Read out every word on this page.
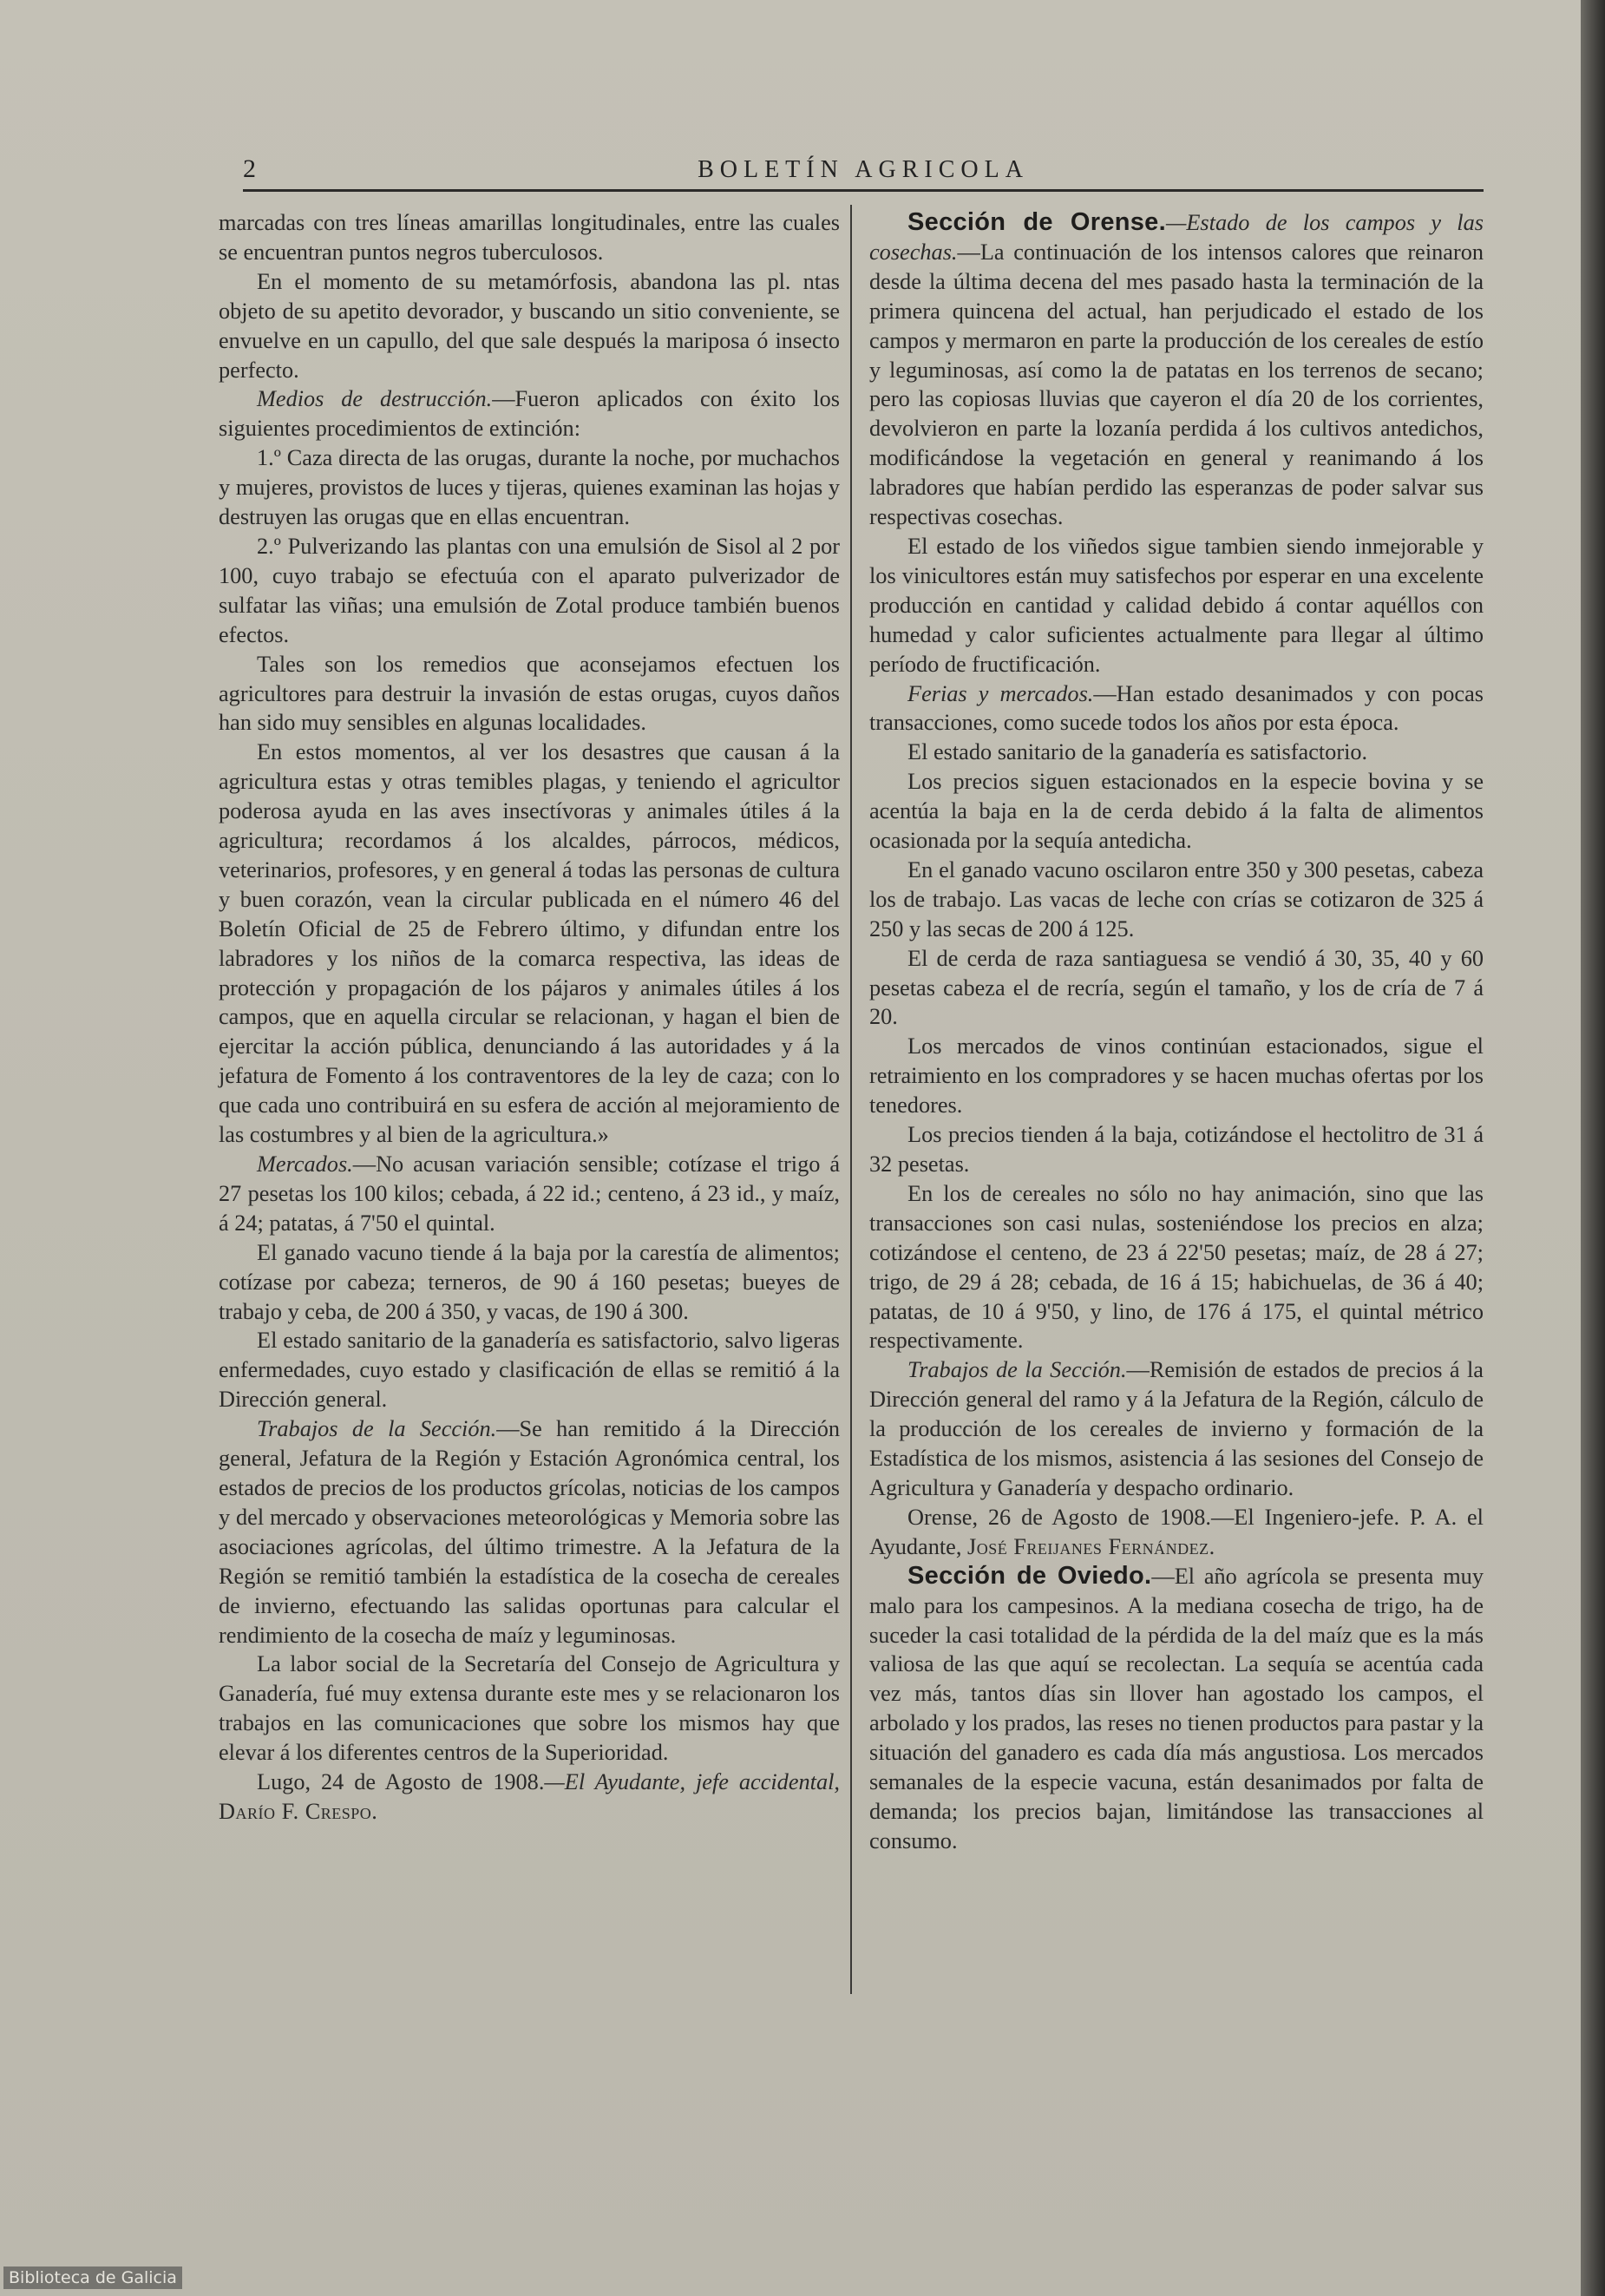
2	BOLETÍN AGRICOLA

marcadas con tres líneas amarillas longitudinales, entre las cuales se encuentran puntos negros tuberculosos.

En el momento de su metamórfosis, abandona las pl. ntas objeto de su apetito devorador, y buscando un sitio conveniente, se envuelve en un capullo, del que sale después la mariposa ó insecto perfecto.

Medios de destrucción.—Fueron aplicados con éxito los siguientes procedimientos de extinción:

1.º Caza directa de las orugas, durante la noche, por muchachos y mujeres, provistos de luces y tijeras, quienes examinan las hojas y destruyen las orugas que en ellas encuentran.

2.º Pulverizando las plantas con una emulsión de Sisol al 2 por 100, cuyo trabajo se efectuúa con el aparato pulverizador de sulfatar las viñas; una emulsión de Zotal produce también buenos efectos.

Tales son los remedios que aconsejamos efectuen los agricultores para destruir la invasión de estas orugas, cuyos daños han sido muy sensibles en algunas localidades.

En estos momentos, al ver los desastres que causan á la agricultura estas y otras temibles plagas, y teniendo el agricultor poderosa ayuda en las aves insectívoras y animales útiles á la agricultura; recordamos á los alcaldes, párrocos, médicos, veterinarios, profesores, y en general á todas las personas de cultura y buen corazón, vean la circular publicada en el número 46 del Boletín Oficial de 25 de Febrero último, y difundan entre los labradores y los niños de la comarca respectiva, las ideas de protección y propagación de los pájaros y animales útiles á los campos, que en aquella circular se relacionan, y hagan el bien de ejercitar la acción pública, denunciando á las autoridades y á la jefatura de Fomento á los contraventores de la ley de caza; con lo que cada uno contribuirá en su esfera de acción al mejoramiento de las costumbres y al bien de la agricultura.»

Mercados.—No acusan variación sensible; cotízase el trigo á 27 pesetas los 100 kilos; cebada, á 22 id.; centeno, á 23 id., y maíz, á 24; patatas, á 7'50 el quintal.

El ganado vacuno tiende á la baja por la carestía de alimentos; cotízase por cabeza; terneros, de 90 á 160 pesetas; bueyes de trabajo y ceba, de 200 á 350, y vacas, de 190 á 300.

El estado sanitario de la ganadería es satisfactorio, salvo ligeras enfermedades, cuyo estado y clasificación de ellas se remitió á la Dirección general.

Trabajos de la Sección.—Se han remitido á la Dirección general, Jefatura de la Región y Estación Agronómica central, los estados de precios de los productos grícolas, noticias de los campos y del mercado y observaciones meteorológicas y Memoria sobre las asociaciones agrícolas, del último trimestre. A la Jefatura de la Región se remitió también la estadística de la cosecha de cereales de invierno, efectuando las salidas oportunas para calcular el rendimiento de la cosecha de maíz y leguminosas.

La labor social de la Secretaría del Consejo de Agricultura y Ganadería, fué muy extensa durante este mes y se relacionaron los trabajos en las comunicaciones que sobre los mismos hay que elevar á los diferentes centros de la Superioridad.

Lugo, 24 de Agosto de 1908.—El Ayudante, jefe accidental, Darío F. Crespo.

Sección de Orense.—Estado de los campos y las cosechas.—La continuación de los intensos calores que reinaron desde la última decena del mes pasado hasta la terminación de la primera quincena del actual, han perjudicado el estado de los campos y mermaron en parte la producción de los cereales de estío y leguminosas, así como la de patatas en los terrenos de secano; pero las copiosas lluvias que cayeron el día 20 de los corrientes, devolvieron en parte la lozanía perdida á los cultivos antedichos, modificándose la vegetación en general y reanimando á los labradores que habían perdido las esperanzas de poder salvar sus respectivas cosechas.

El estado de los viñedos sigue tambien siendo inmejorable y los vinicultores están muy satisfechos por esperar en una excelente producción en cantidad y calidad debido á contar aquéllos con humedad y calor suficientes actualmente para llegar al último período de fructificación.

Ferias y mercados.—Han estado desanimados y con pocas transacciones, como sucede todos los años por esta época.

El estado sanitario de la ganadería es satisfactorio.

Los precios siguen estacionados en la especie bovina y se acentúa la baja en la de cerda debido á la falta de alimentos ocasionada por la sequía antedicha.

En el ganado vacuno oscilaron entre 350 y 300 pesetas, cabeza los de trabajo. Las vacas de leche con crías se cotizaron de 325 á 250 y las secas de 200 á 125.

El de cerda de raza santiaguesa se vendió á 30, 35, 40 y 60 pesetas cabeza el de recría, según el tamaño, y los de cría de 7 á 20.

Los mercados de vinos continúan estacionados, sigue el retraimiento en los compradores y se hacen muchas ofertas por los tenedores.

Los precios tienden á la baja, cotizándose el hectolitro de 31 á 32 pesetas.

En los de cereales no sólo no hay animación, sino que las transacciones son casi nulas, sosteniéndose los precios en alza; cotizándose el centeno, de 23 á 22'50 pesetas; maíz, de 28 á 27; trigo, de 29 á 28; cebada, de 16 á 15; habichuelas, de 36 á 40; patatas, de 10 á 9'50, y lino, de 176 á 175, el quintal métrico respectivamente.

Trabajos de la Sección.—Remisión de estados de precios á la Dirección general del ramo y á la Jefatura de la Región, cálculo de la producción de los cereales de invierno y formación de la Estadística de los mismos, asistencia á las sesiones del Consejo de Agricultura y Ganadería y despacho ordinario.

Orense, 26 de Agosto de 1908.—El Ingeniero-jefe. P. A. el Ayudante, José Freijanes Fernández.

Sección de Oviedo.—El año agrícola se presenta muy malo para los campesinos. A la mediana cosecha de trigo, ha de suceder la casi totalidad de la pérdida de la del maíz que es la más valiosa de las que aquí se recolectan. La sequía se acentúa cada vez más, tantos días sin llover han agostado los campos, el arbolado y los prados, las reses no tienen productos para pastar y la situación del ganadero es cada día más angustiosa. Los mercados semanales de la especie vacuna, están desanimados por falta de demanda; los precios bajan, limitándose las transacciones al consumo.

Biblioteca de Galicia
